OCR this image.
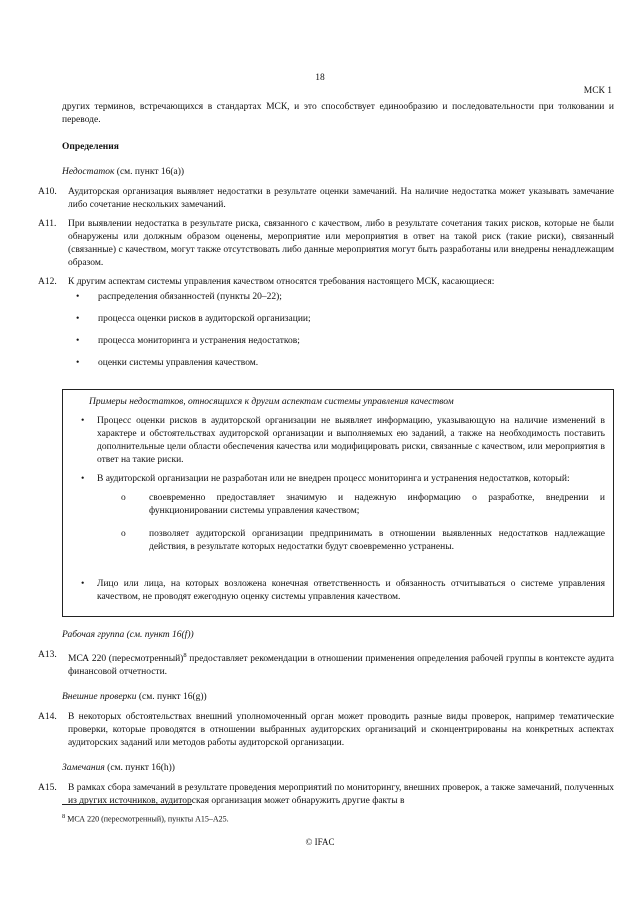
18
МСК 1

других терминов, встречающихся в стандартах МСК, и это способствует единообразию и последовательности при толковании и переводе.

Определения
Недостаток (см. пункт 16(a))
A10.	Аудиторская организация выявляет недостатки в результате оценки замечаний. На наличие недостатка может указывать замечание либо сочетание нескольких замечаний.
A11.	При выявлении недостатка в результате риска, связанного с качеством, либо в результате сочетания таких рисков, которые не были обнаружены или должным образом оценены, мероприятие или мероприятия в ответ на такой риск (такие риски), связанный (связанные) с качеством, могут также отсутствовать либо данные мероприятия могут быть разработаны или внедрены ненадлежащим образом.
A12.	К другим аспектам системы управления качеством относятся требования настоящего МСК, касающиеся:
•	распределения обязанностей (пункты 20–22);
•	процесса оценки рисков в аудиторской организации;
•	процесса мониторинга и устранения недостатков;
•	оценки системы управления качеством.
Примеры недостатков, относящихся к другим аспектам системы управления качеством
•	Процесс оценки рисков в аудиторской организации не выявляет информацию, указывающую на наличие изменений в характере и обстоятельствах аудиторской организации и выполняемых ею заданий, а также на необходимость поставить дополнительные цели области обеспечения качества или модифицировать риски, связанные с качеством, или мероприятия в ответ на такие риски.
•	В аудиторской организации не разработан или не внедрен процесс мониторинга и устранения недостатков, который:
o	своевременно предоставляет значимую и надежную информацию о разработке, внедрении и функционировании системы управления качеством;
o	позволяет аудиторской организации предпринимать в отношении выявленных недостатков надлежащие действия, в результате которых недостатки будут своевременно устранены.
•	Лицо или лица, на которых возложена конечная ответственность и обязанность отчитываться о системе управления качеством, не проводят ежегодную оценку системы управления качеством.
Рабочая группа (см. пункт 16(f))
A13.	МСА 220 (пересмотренный)$^8$ предоставляет рекомендации в отношении применения определения рабочей группы в контексте аудита финансовой отчетности.
Внешние проверки (см. пункт 16(g))
A14.	В некоторых обстоятельствах внешний уполномоченный орган может проводить разные виды проверок, например тематические проверки, которые проводятся в отношении выбранных аудиторских организаций и сконцентрированы на конкретных аспектах аудиторских заданий или методов работы аудиторской организации.
Замечания (см. пункт 16(h))
A15.	В рамках сбора замечаний в результате проведения мероприятий по мониторингу, внешних проверок, а также замечаний, полученных из других источников, аудиторская организация может обнаружить другие факты в
$^8$ МСА 220 (пересмотренный), пункты A15–A25.
© IFAC
